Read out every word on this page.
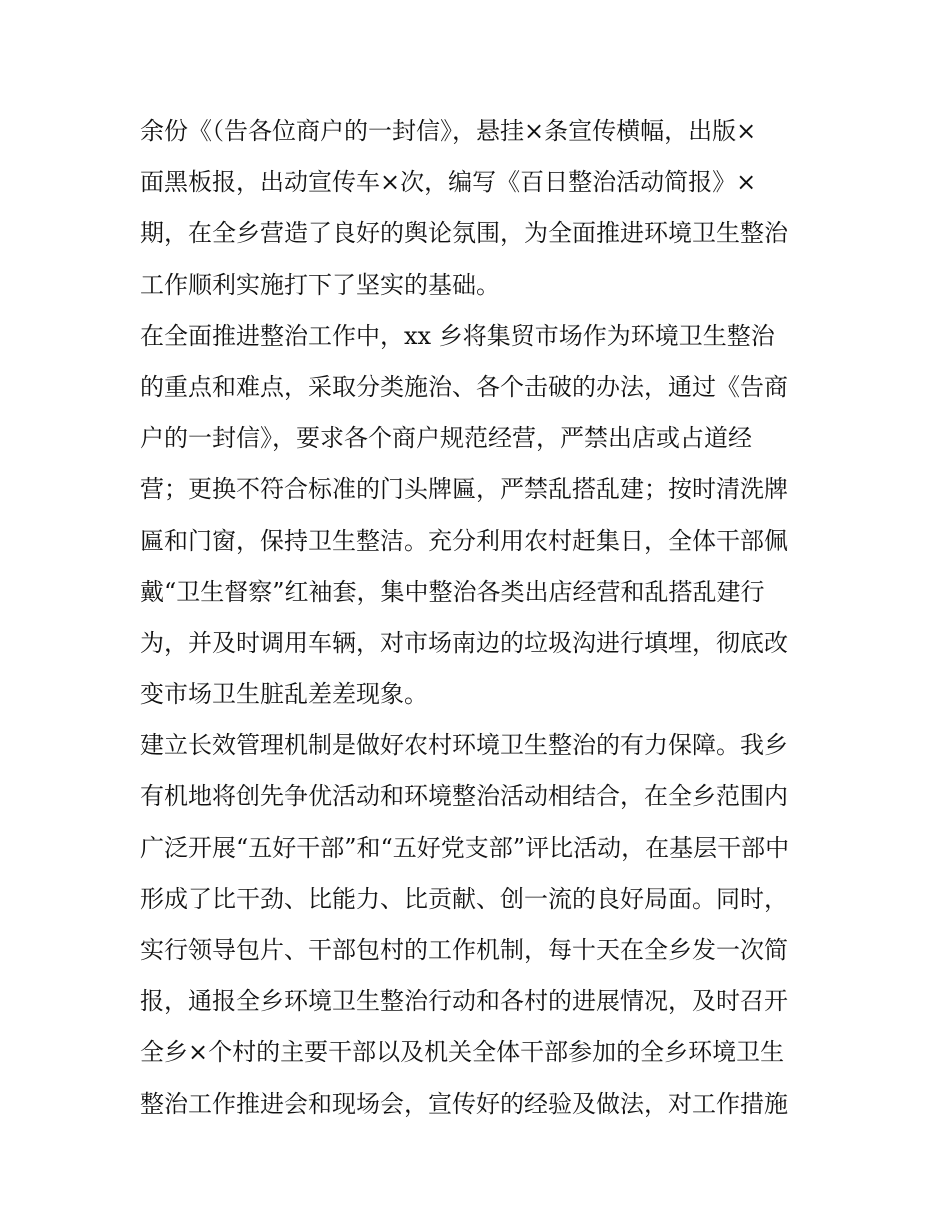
余份《（告各位商户的一封信》，悬挂×条宣传横幅，出版×
面黑板报，出动宣传车×次，编写《百日整治活动简报》×
期，在全乡营造了良好的舆论氛围，为全面推进环境卫生整治
工作顺利实施打下了坚实的基础。
在全面推进整治工作中，xx 乡将集贸市场作为环境卫生整治
的重点和难点，采取分类施治、各个击破的办法，通过《告商
户的一封信》，要求各个商户规范经营，严禁出店或占道经
营；更换不符合标准的门头牌匾，严禁乱搭乱建；按时清洗牌
匾和门窗，保持卫生整洁。充分利用农村赶集日，全体干部佩
戴“卫生督察”红袖套，集中整治各类出店经营和乱搭乱建行
为，并及时调用车辆，对市场南边的垃圾沟进行填埋，彻底改
变市场卫生脏乱差差现象。
建立长效管理机制是做好农村环境卫生整治的有力保障。我乡
有机地将创先争优活动和环境整治活动相结合，在全乡范围内
广泛开展“五好干部”和“五好党支部”评比活动，在基层干部中
形成了比干劲、比能力、比贡献、创一流的良好局面。同时，
实行领导包片、干部包村的工作机制，每十天在全乡发一次简
报，通报全乡环境卫生整治行动和各村的进展情况，及时召开
全乡×个村的主要干部以及机关全体干部参加的全乡环境卫生
整治工作推进会和现场会，宣传好的经验及做法，对工作措施
